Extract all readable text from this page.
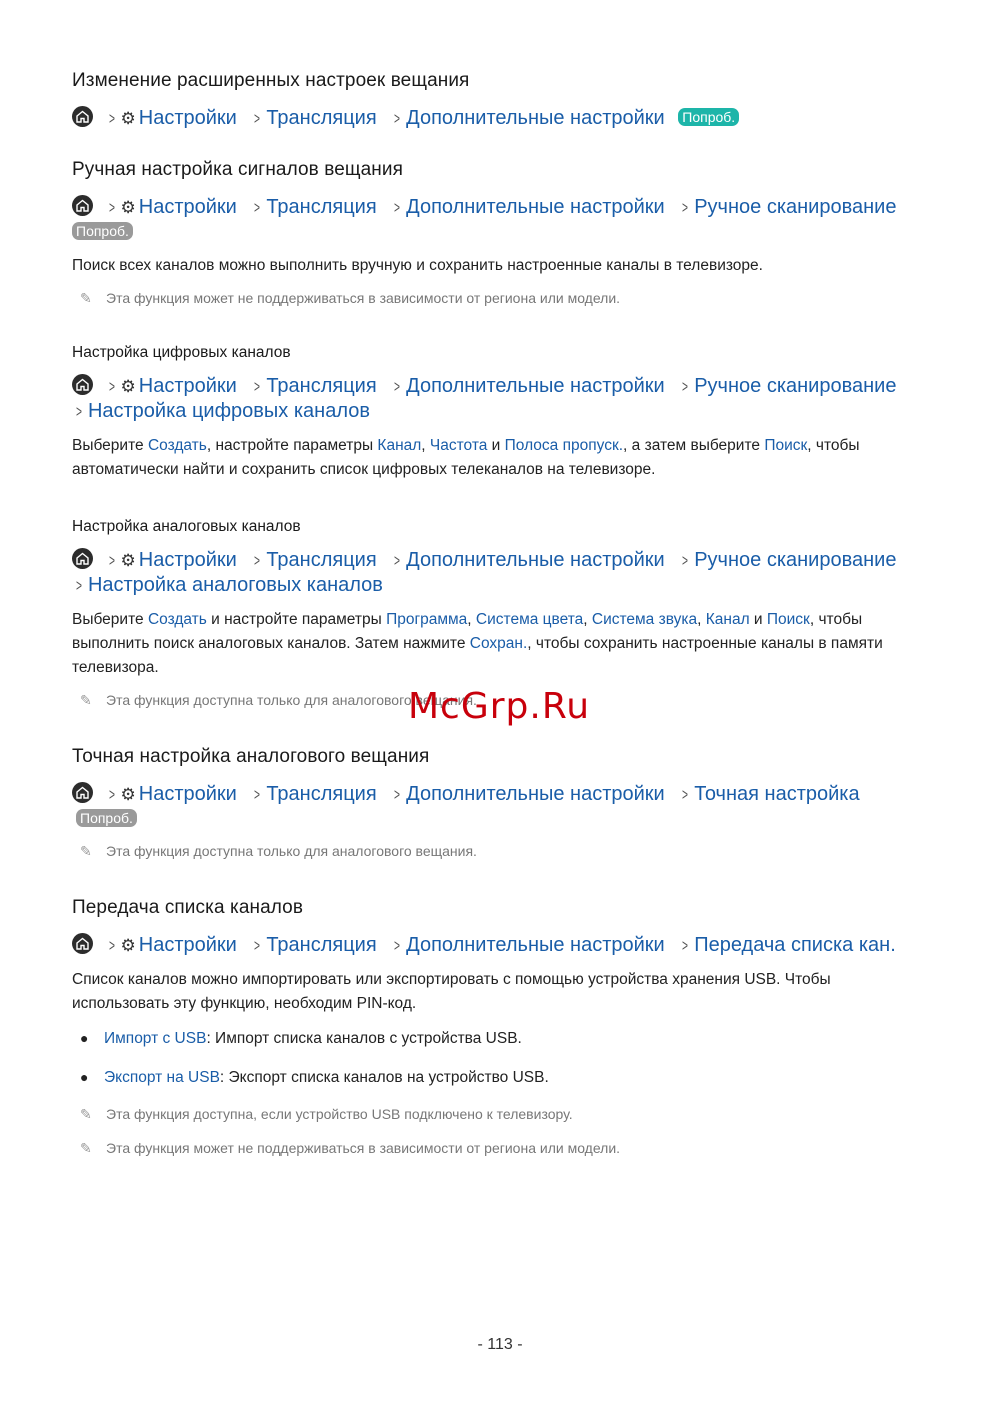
Изменение расширенных настроек вещания
> ⚙ Настройки > Трансляция > Дополнительные настройки Попроб.
Ручная настройка сигналов вещания
> ⚙ Настройки > Трансляция > Дополнительные настройки > Ручное сканирование
Попроб.

Поиск всех каналов можно выполнить вручную и сохранить настроенные каналы в телевизоре.

✎ Эта функция может не поддерживаться в зависимости от региона или модели.
Настройка цифровых каналов
> ⚙ Настройки > Трансляция > Дополнительные настройки > Ручное сканирование
> Настройка цифровых каналов

Выберите Создать, настройте параметры Канал, Частота и Полоса пропуск., а затем выберите Поиск, чтобы автоматически найти и сохранить список цифровых телеканалов на телевизоре.

Настройка аналоговых каналов
> ⚙ Настройки > Трансляция > Дополнительные настройки > Ручное сканирование
> Настройка аналоговых каналов

Выберите Создать и настройте параметры Программа, Система цвета, Система звука, Канал и Поиск, чтобы выполнить поиск аналоговых каналов. Затем нажмите Сохран., чтобы сохранить настроенные каналы в памяти телевизора.

✎ Эта функция доступна только для аналогового вещания.
Точная настройка аналогового вещания
> ⚙ Настройки > Трансляция > Дополнительные настройки > Точная настройка Попроб.
✎ Эта функция доступна только для аналогового вещания.
Передача списка каналов
> ⚙ Настройки > Трансляция > Дополнительные настройки > Передача списка кан.

Список каналов можно импортировать или экспортировать с помощью устройства хранения USB. Чтобы использовать эту функцию, необходим PIN-код.

● Импорт с USB: Импорт списка каналов с устройства USB.
● Экспорт на USB: Экспорт списка каналов на устройство USB.
✎ Эта функция доступна, если устройство USB подключено к телевизору.
✎ Эта функция может не поддерживаться в зависимости от региона или модели.
McGrp.Ru
- 113 -
